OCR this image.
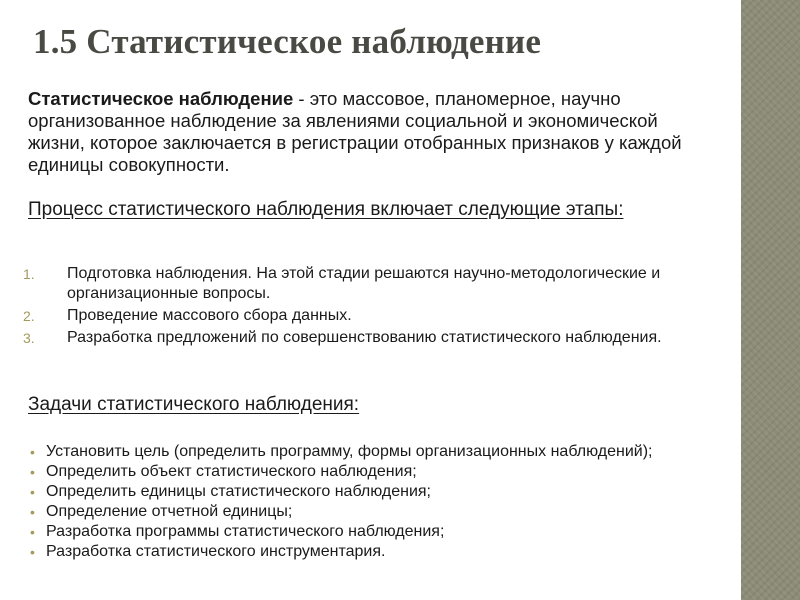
1.5 Статистическое наблюдение

Статистическое наблюдение - это массовое, планомерное, научно организованное наблюдение за явлениями социальной и экономической жизни, которое заключается в регистрации отобранных признаков у каждой единицы совокупности.

Процесс статистического наблюдения включает следующие этапы:
1.	Подготовка наблюдения. На этой стадии решаются научно-методологические и организационные вопросы.
2.	Проведение массового сбора данных.
3.	Разработка предложений по совершенствованию статистического наблюдения.
Задачи статистического наблюдения:
• Установить цель (определить программу, формы организационных наблюдений);
• Определить объект статистического наблюдения;
• Определить единицы статистического наблюдения;
• Определение отчетной единицы;
• Разработка программы статистического наблюдения;
• Разработка статистического инструментария.
